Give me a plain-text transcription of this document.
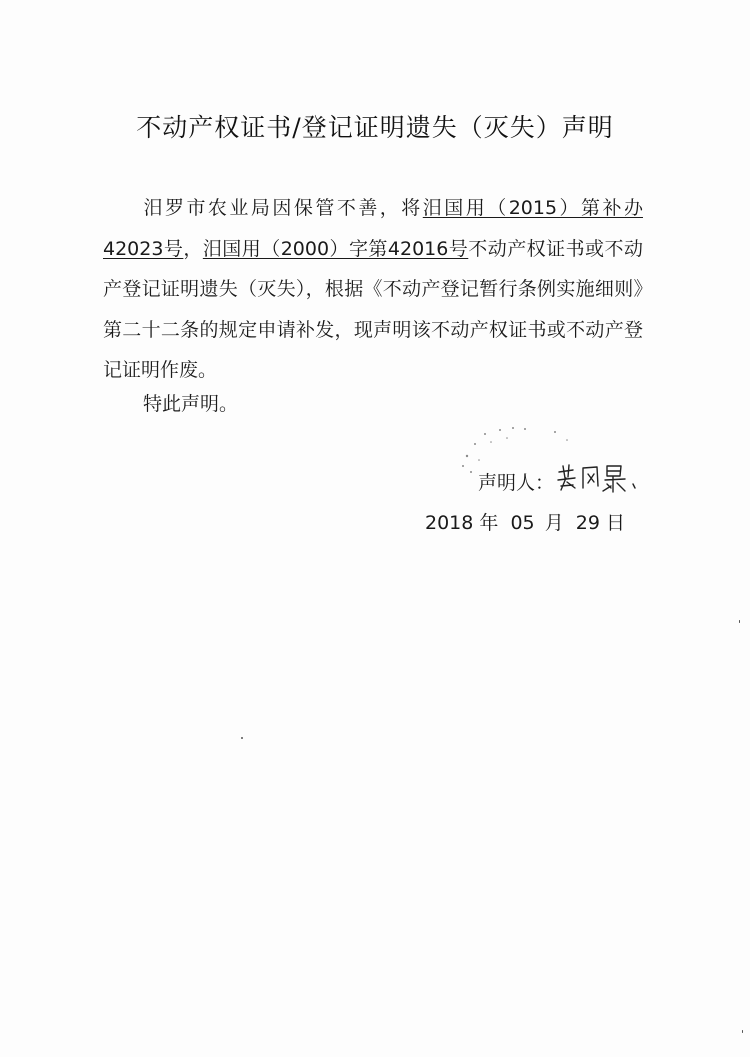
不动产权证书/登记证明遗失（灭失）声明
汨罗市农业局因保管不善，将汨国用（2015）第补办42023号，汨国用（2000）字第42016号不动产权证书或不动产登记证明遗失（灭失），根据《不动产登记暂行条例实施细则》第二十二条的规定申请补发，现声明该不动产权证书或不动产登记证明作废。
特此声明。
声明人：
2018 年 05 月 29 日
